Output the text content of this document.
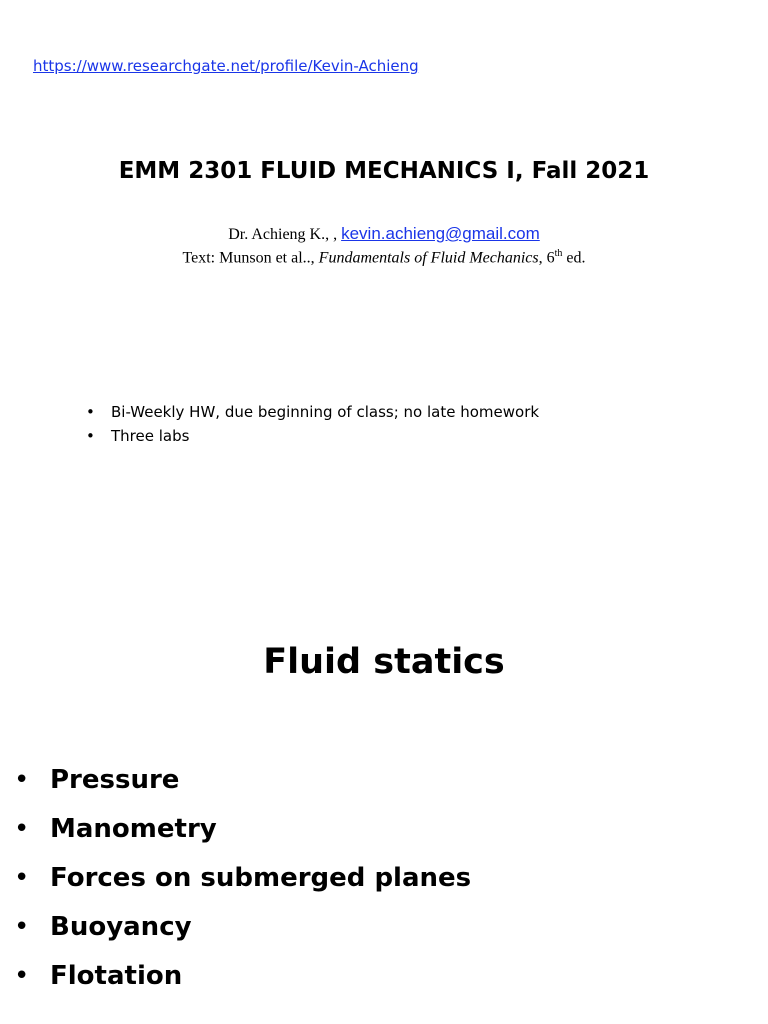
https://www.researchgate.net/profile/Kevin-Achieng
EMM 2301 FLUID MECHANICS I, Fall 2021
Dr. Achieng K., , kevin.achieng@gmail.com
Text: Munson et al.., Fundamentals of Fluid Mechanics, 6th ed.
• Bi-Weekly HW, due beginning of class; no late homework
• Three labs
Fluid statics
• Pressure
• Manometry
• Forces on submerged planes
• Buoyancy
• Flotation
